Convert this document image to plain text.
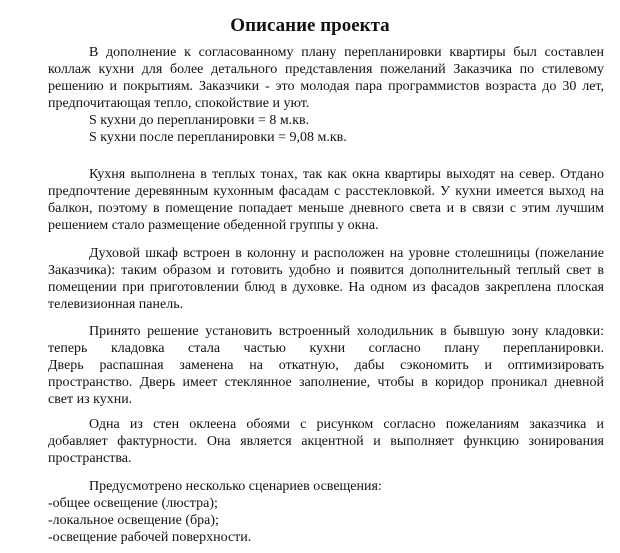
Описание проекта
В дополнение к согласованному плану перепланировки квартиры был составлен
коллаж кухни для более детального представления пожеланий Заказчика по стилевому
решению и покрытиям. Заказчики - это молодая пара программистов возраста до 30 лет,
предпочитающая тепло, спокойствие и уют.
S кухни до перепланировки = 8 м.кв.
S кухни после перепланировки = 9,08 м.кв.
Кухня выполнена в теплых тонах, так как окна квартиры выходят на север. Отдано
предпочтение деревянным кухонным фасадам с расстекловкой. У кухни имеется выход на
балкон, поэтому в помещение попадает меньше дневного света и в связи с этим лучшим
решением стало размещение обеденной группы у окна.
Духовой шкаф встроен в колонну и расположен на уровне столешницы (пожелание
Заказчика): таким образом и готовить удобно и появится дополнительный теплый свет в
помещении при приготовлении блюд в духовке. На одном из фасадов закреплена плоская
телевизионная панель.
Принято решение установить встроенный холодильник в бывшую зону кладовки:
теперь кладовка стала частью кухни согласно плану перепланировки.
Дверь распашная заменена на откатную, дабы сэкономить и оптимизировать
пространство. Дверь имеет стеклянное заполнение, чтобы в коридор проникал дневной
свет из кухни.
Одна из стен оклеена обоями с рисунком согласно пожеланиям заказчика и
добавляет фактурности. Она является акцентной и выполняет функцию зонирования
пространства.
Предусмотрено несколько сценариев освещения:
-общее освещение (люстра);
-локальное освещение (бра);
-освещение рабочей поверхности.
